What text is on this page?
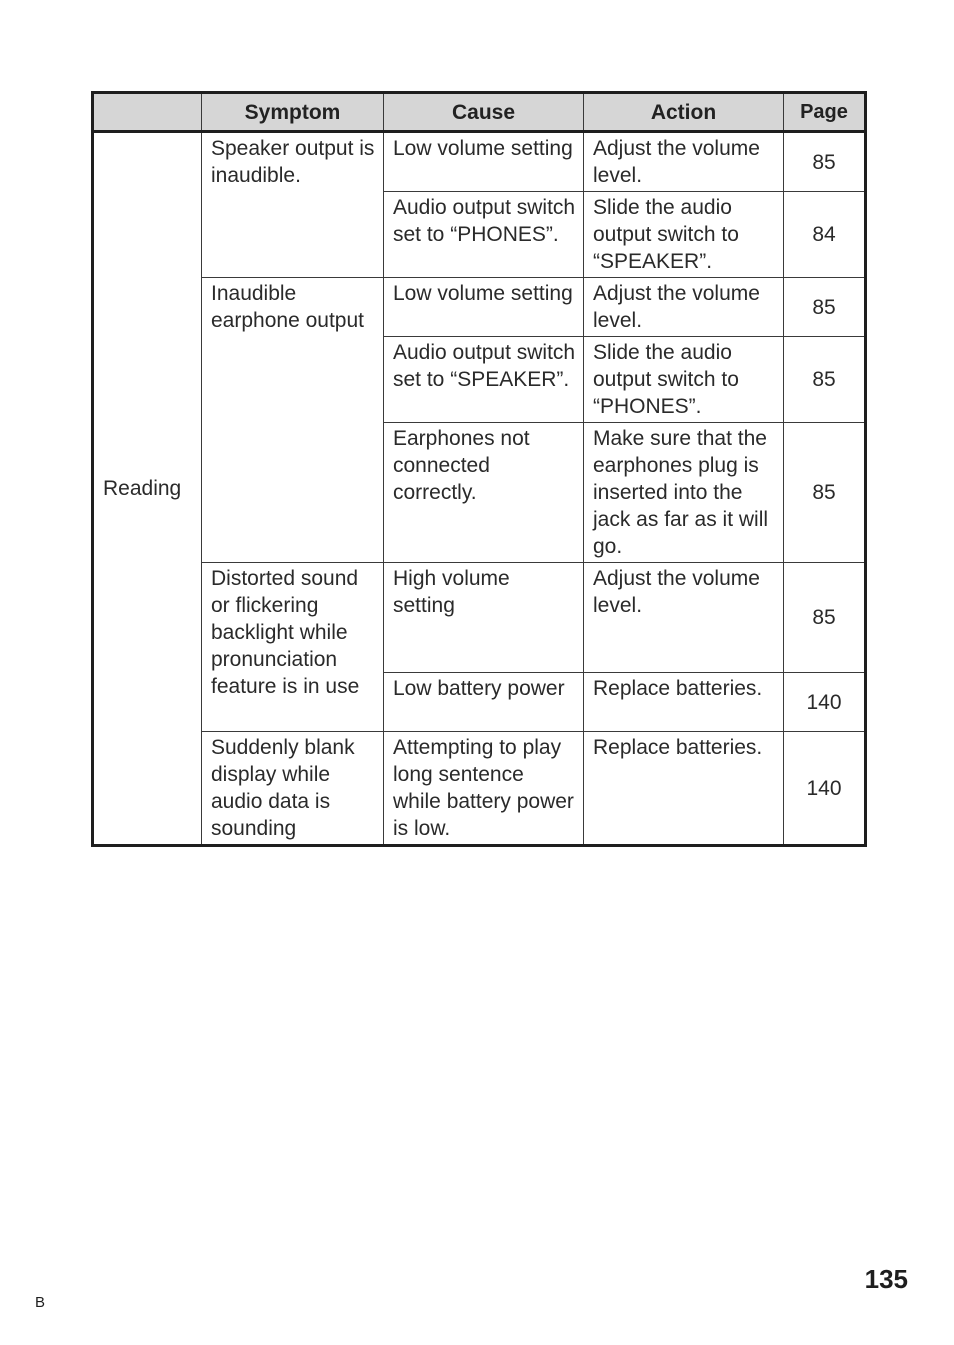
	Symptom	Cause	Action	Page
Reading	Speaker output is inaudible.	Low volume setting	Adjust the volume level.	85
		Audio output switch set to “PHONES”.	Slide the audio output switch to “SPEAKER”.	84
	Inaudible earphone output	Low volume setting	Adjust the volume level.	85
		Audio output switch set to “SPEAKER”.	Slide the audio output switch to “PHONES”.	85
		Earphones not connected correctly.	Make sure that the earphones plug is inserted into the jack as far as it will go.	85
	Distorted sound or flickering backlight while pronunciation feature is in use	High volume setting	Adjust the volume level.	85
		Low battery power	Replace batteries.	140
	Suddenly blank display while audio data is sounding	Attempting to play long sentence while battery power is low.	Replace batteries.	140
135
B
